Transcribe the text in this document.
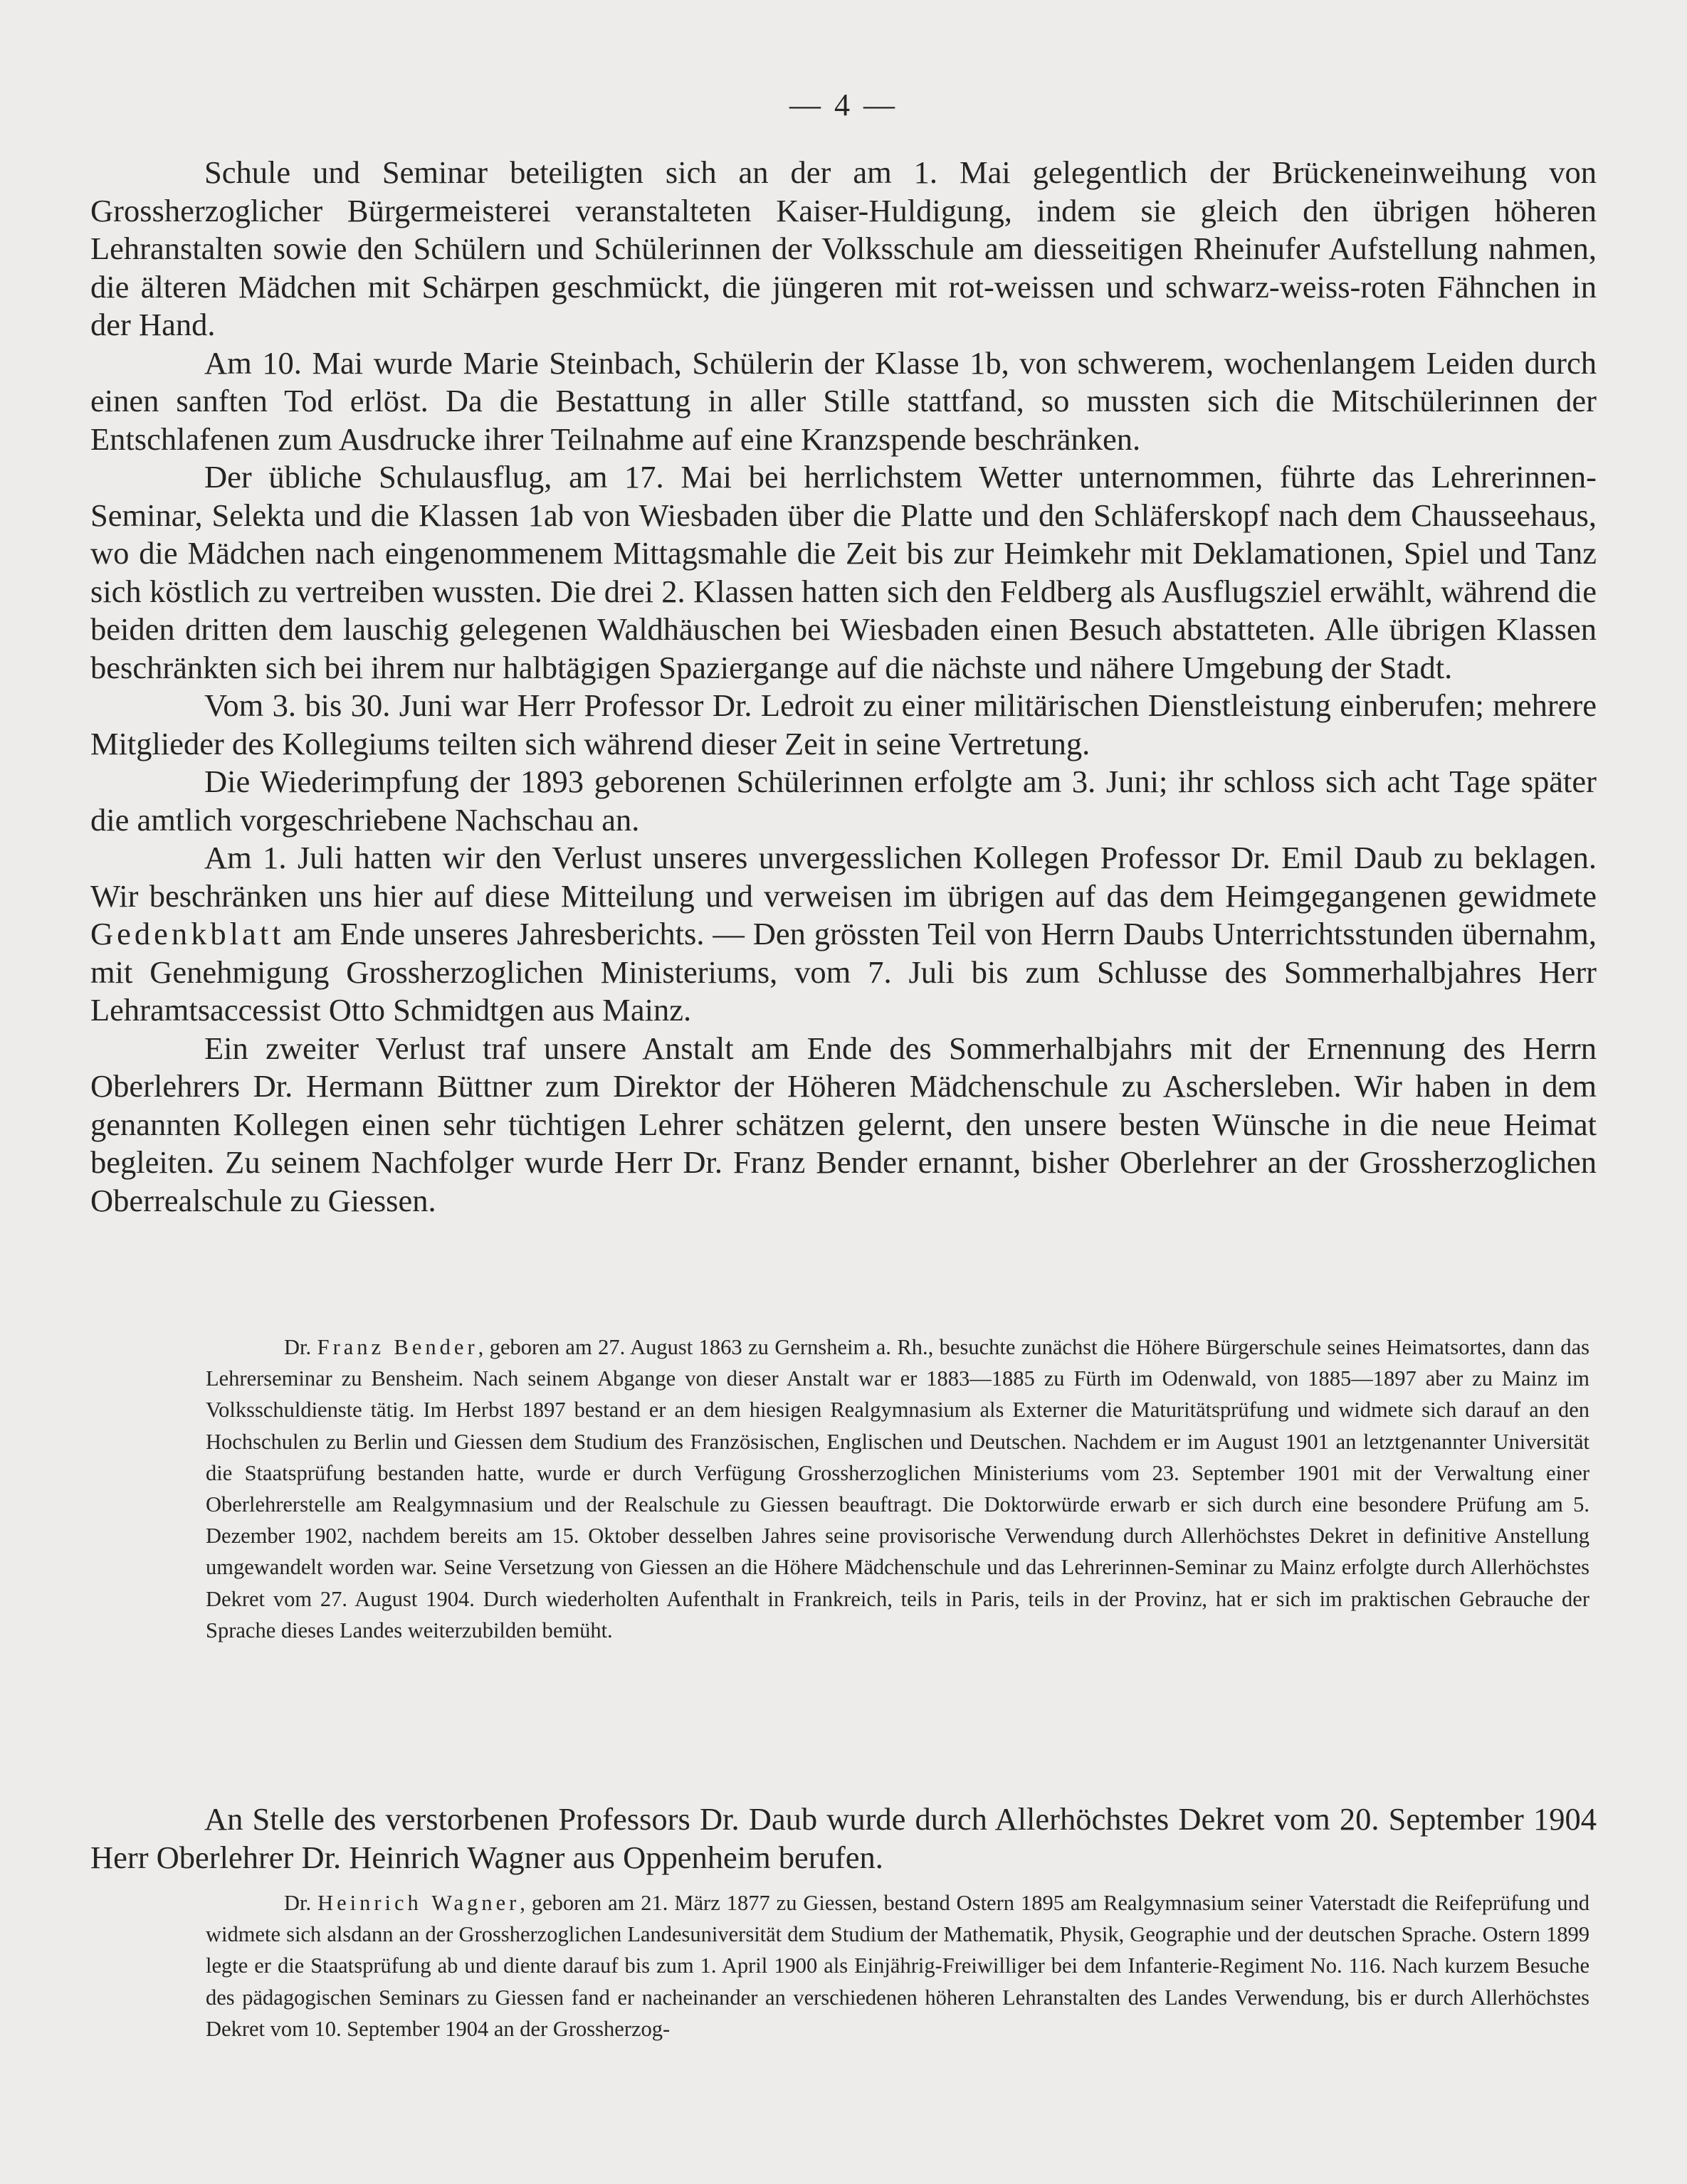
— 4 —

Schule und Seminar beteiligten sich an der am 1. Mai gelegentlich der Brückeneinweihung von Grossherzoglicher Bürgermeisterei veranstalteten Kaiser-Huldigung, indem sie gleich den übrigen höheren Lehranstalten sowie den Schülern und Schülerinnen der Volksschule am diesseitigen Rheinufer Aufstellung nahmen, die älteren Mädchen mit Schärpen geschmückt, die jüngeren mit rot-weissen und schwarz-weiss-roten Fähnchen in der Hand.

Am 10. Mai wurde Marie Steinbach, Schülerin der Klasse 1b, von schwerem, wochenlangem Leiden durch einen sanften Tod erlöst. Da die Bestattung in aller Stille stattfand, so mussten sich die Mitschülerinnen der Entschlafenen zum Ausdrucke ihrer Teilnahme auf eine Kranzspende beschränken.

Der übliche Schulausflug, am 17. Mai bei herrlichstem Wetter unternommen, führte das Lehrerinnen-Seminar, Selekta und die Klassen 1ab von Wiesbaden über die Platte und den Schläferskopf nach dem Chausseehaus, wo die Mädchen nach eingenommenem Mittagsmahle die Zeit bis zur Heimkehr mit Deklamationen, Spiel und Tanz sich köstlich zu vertreiben wussten. Die drei 2. Klassen hatten sich den Feldberg als Ausflugsziel erwählt, während die beiden dritten dem lauschig gelegenen Waldhäuschen bei Wiesbaden einen Besuch abstatteten. Alle übrigen Klassen beschränkten sich bei ihrem nur halbtägigen Spaziergange auf die nächste und nähere Umgebung der Stadt.

Vom 3. bis 30. Juni war Herr Professor Dr. Ledroit zu einer militärischen Dienstleistung einberufen; mehrere Mitglieder des Kollegiums teilten sich während dieser Zeit in seine Vertretung.

Die Wiederimpfung der 1893 geborenen Schülerinnen erfolgte am 3. Juni; ihr schloss sich acht Tage später die amtlich vorgeschriebene Nachschau an.

Am 1. Juli hatten wir den Verlust unseres unvergesslichen Kollegen Professor Dr. Emil Daub zu beklagen. Wir beschränken uns hier auf diese Mitteilung und verweisen im übrigen auf das dem Heimgegangenen gewidmete Gedenkblatt am Ende unseres Jahresberichts. — Den grössten Teil von Herrn Daubs Unterrichtsstunden übernahm, mit Genehmigung Grossherzoglichen Ministeriums, vom 7. Juli bis zum Schlusse des Sommerhalbjahres Herr Lehramtsaccessist Otto Schmidtgen aus Mainz.

Ein zweiter Verlust traf unsere Anstalt am Ende des Sommerhalbjahrs mit der Ernennung des Herrn Oberlehrers Dr. Hermann Büttner zum Direktor der Höheren Mädchenschule zu Aschersleben. Wir haben in dem genannten Kollegen einen sehr tüchtigen Lehrer schätzen gelernt, den unsere besten Wünsche in die neue Heimat begleiten. Zu seinem Nachfolger wurde Herr Dr. Franz Bender ernannt, bisher Oberlehrer an der Grossherzoglichen Oberrealschule zu Giessen.

Dr. Franz Bender, geboren am 27. August 1863 zu Gernsheim a. Rh., besuchte zunächst die Höhere Bürgerschule seines Heimatsortes, dann das Lehrerseminar zu Bensheim. Nach seinem Abgange von dieser Anstalt war er 1883—1885 zu Fürth im Odenwald, von 1885—1897 aber zu Mainz im Volksschuldienste tätig. Im Herbst 1897 bestand er an dem hiesigen Realgymnasium als Externer die Maturitätsprüfung und widmete sich darauf an den Hochschulen zu Berlin und Giessen dem Studium des Französischen, Englischen und Deutschen. Nachdem er im August 1901 an letztgenannter Universität die Staatsprüfung bestanden hatte, wurde er durch Verfügung Grossherzoglichen Ministeriums vom 23. September 1901 mit der Verwaltung einer Oberlehrerstelle am Realgymnasium und der Realschule zu Giessen beauftragt. Die Doktorwürde erwarb er sich durch eine besondere Prüfung am 5. Dezember 1902, nachdem bereits am 15. Oktober desselben Jahres seine provisorische Verwendung durch Allerhöchstes Dekret in definitive Anstellung umgewandelt worden war. Seine Versetzung von Giessen an die Höhere Mädchenschule und das Lehrerinnen-Seminar zu Mainz erfolgte durch Allerhöchstes Dekret vom 27. August 1904. Durch wiederholten Aufenthalt in Frankreich, teils in Paris, teils in der Provinz, hat er sich im praktischen Gebrauche der Sprache dieses Landes weiterzubilden bemüht.

An Stelle des verstorbenen Professors Dr. Daub wurde durch Allerhöchstes Dekret vom 20. September 1904 Herr Oberlehrer Dr. Heinrich Wagner aus Oppenheim berufen.

Dr. Heinrich Wagner, geboren am 21. März 1877 zu Giessen, bestand Ostern 1895 am Realgymnasium seiner Vaterstadt die Reifeprüfung und widmete sich alsdann an der Grossherzoglichen Landesuniversität dem Studium der Mathematik, Physik, Geographie und der deutschen Sprache. Ostern 1899 legte er die Staatsprüfung ab und diente darauf bis zum 1. April 1900 als Einjährig-Freiwilliger bei dem Infanterie-Regiment No. 116. Nach kurzem Besuche des pädagogischen Seminars zu Giessen fand er nacheinander an verschiedenen höheren Lehranstalten des Landes Verwendung, bis er durch Allerhöchstes Dekret vom 10. September 1904 an der Grossherzog-
